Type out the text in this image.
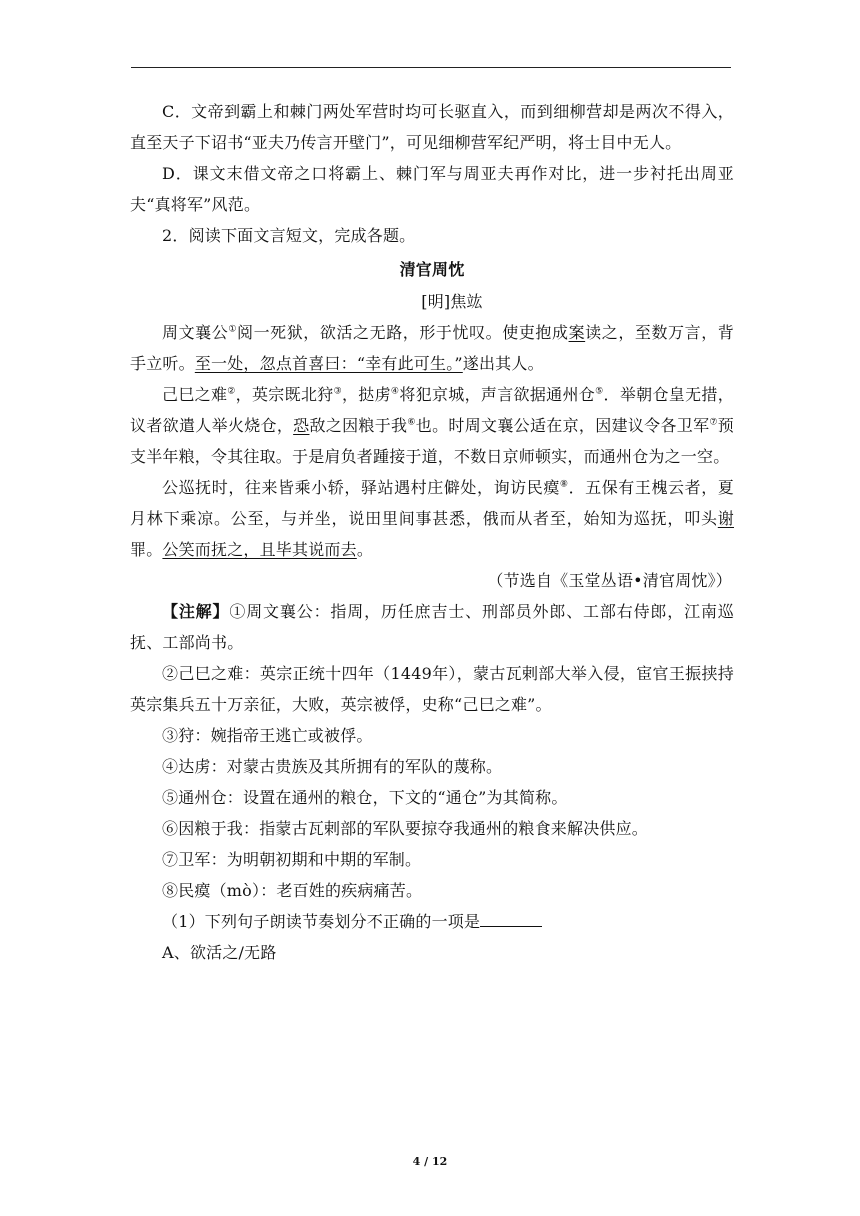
C．文帝到霸上和棘门两处军营时均可长驱直入，而到细柳营却是两次不得入，直至天子下诏书“亚夫乃传言开壁门”，可见细柳营军纪严明，将士目中无人。

D．课文末借文帝之口将霸上、棘门军与周亚夫再作对比，进一步衬托出周亚夫“真将军”风范。

2．阅读下面文言短文，完成各题。

清官周忱

[明]焦竑

周文襄公①阅一死狱，欲活之无路，形于忧叹。使吏抱成案读之，至数万言，背手立听。至一处，忽点首喜曰：“幸有此可生。”遂出其人。

己巳之难②，英宗既北狩③，挞虏④将犯京城，声言欲据通州仓⑤．举朝仓皇无措，议者欲遣人举火烧仓，恐敌之因粮于我⑥也。时周文襄公适在京，因建议令各卫军⑦预支半年粮，令其往取。于是肩负者踵接于道，不数日京师顿实，而通州仓为之一空。

公巡抚时，往来皆乘小轿，驿站遇村庄僻处，询访民瘼⑧．五保有王槐云者，夏月林下乘凉。公至，与并坐，说田里间事甚悉，俄而从者至，始知为巡抚，叩头谢罪。公笑而抚之，且毕其说而去。

（节选自《玉堂丛语•清官周忱》）

【注解】①周文襄公：指周，历任庶吉士、刑部员外郎、工部右侍郎，江南巡抚、工部尚书。

②己巳之难：英宗正统十四年（1449年），蒙古瓦剌部大举入侵，宦官王振挟持英宗集兵五十万亲征，大败，英宗被俘，史称“己巳之难”。

③狩：婉指帝王逃亡或被俘。

④达虏：对蒙古贵族及其所拥有的军队的蔑称。

⑤通州仓：设置在通州的粮仓，下文的“通仓”为其简称。

⑥因粮于我：指蒙古瓦剌部的军队要掠夺我通州的粮食来解决供应。

⑦卫军：为明朝初期和中期的军制。

⑧民瘼（mò）：老百姓的疾病痛苦。

（1）下列句子朗读节奏划分不正确的一项是

A、欲活之/无路

4 / 12
